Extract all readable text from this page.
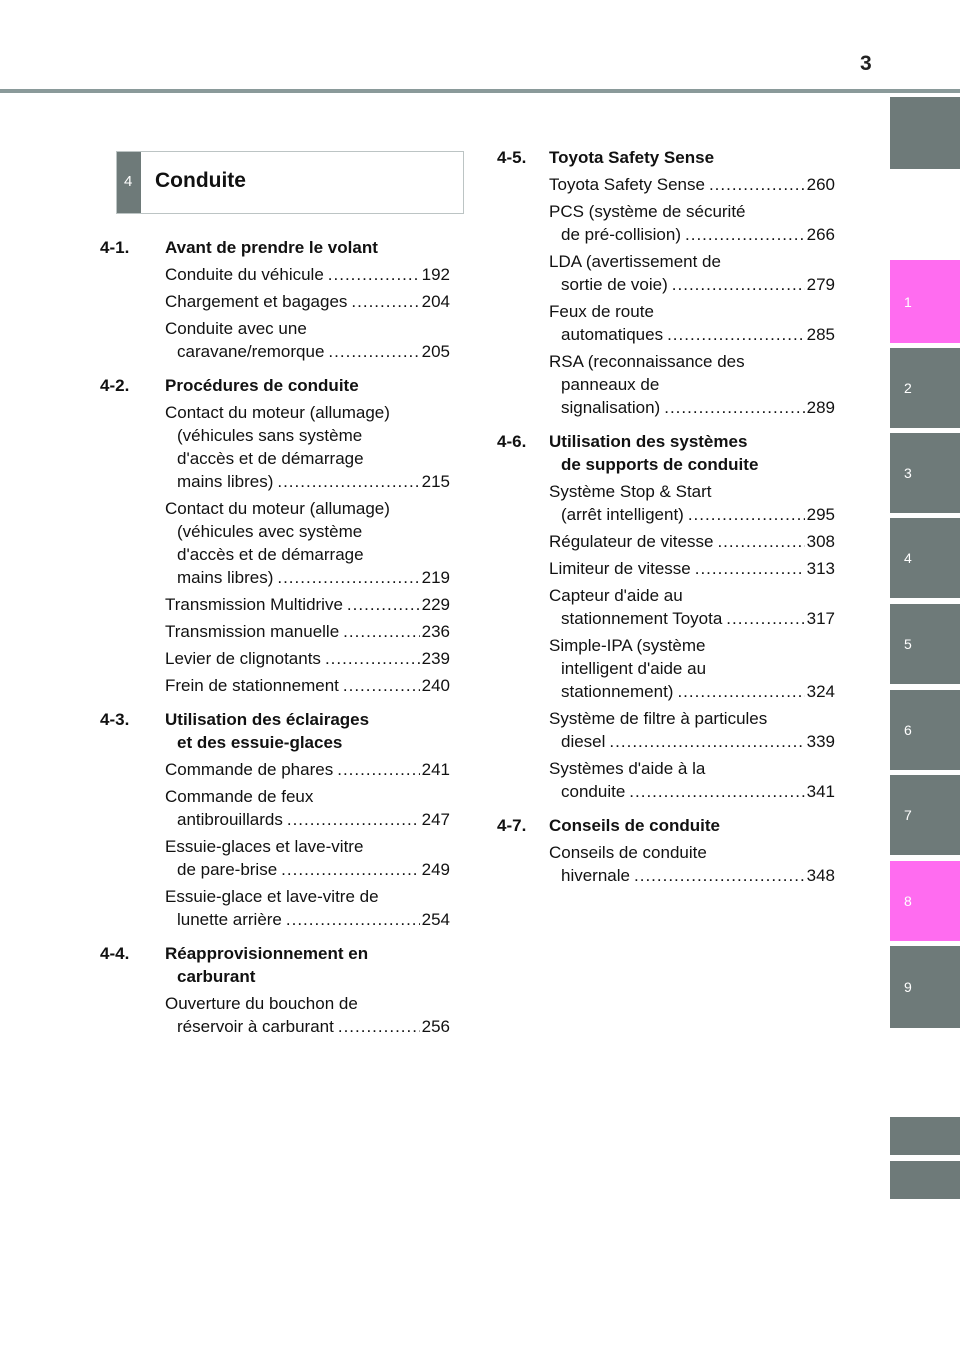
3
1
2
3
4
5
6
7
8
9
4 Conduite
4-1. Avant de prendre le volant
Conduite du véhicule .....	192
Chargement et bagages .....	204
Conduite avec une
caravane/remorque .....	205
4-2. Procédures de conduite
Contact du moteur (allumage)
(véhicules sans système
d'accès et de démarrage
mains libres) .....	215
Contact du moteur (allumage)
(véhicules avec système
d'accès et de démarrage
mains libres) .....	219
Transmission Multidrive .....	229
Transmission manuelle .....	236
Levier de clignotants .....	239
Frein de stationnement .....	240
4-3. Utilisation des éclairages
et des essuie-glaces
Commande de phares .....	241
Commande de feux
antibrouillards .....	247
Essuie-glaces et lave-vitre
de pare-brise .....	249
Essuie-glace et lave-vitre de
lunette arrière .....	254
4-4. Réapprovisionnement en
carburant
Ouverture du bouchon de
réservoir à carburant .....	256
4-5. Toyota Safety Sense
Toyota Safety Sense .....	260
PCS (système de sécurité
de pré-collision) .....	266
LDA (avertissement de
sortie de voie) .....	279
Feux de route
automatiques .....	285
RSA (reconnaissance des
panneaux de
signalisation) .....	289
4-6. Utilisation des systèmes
de supports de conduite
Système Stop & Start
(arrêt intelligent) .....	295
Régulateur de vitesse .....	308
Limiteur de vitesse .....	313
Capteur d'aide au
stationnement Toyota .....	317
Simple-IPA (système
intelligent d'aide au
stationnement) .....	324
Système de filtre à particules
diesel .....	339
Systèmes d'aide à la
conduite .....	341
4-7. Conseils de conduite
Conseils de conduite
hivernale .....	348
